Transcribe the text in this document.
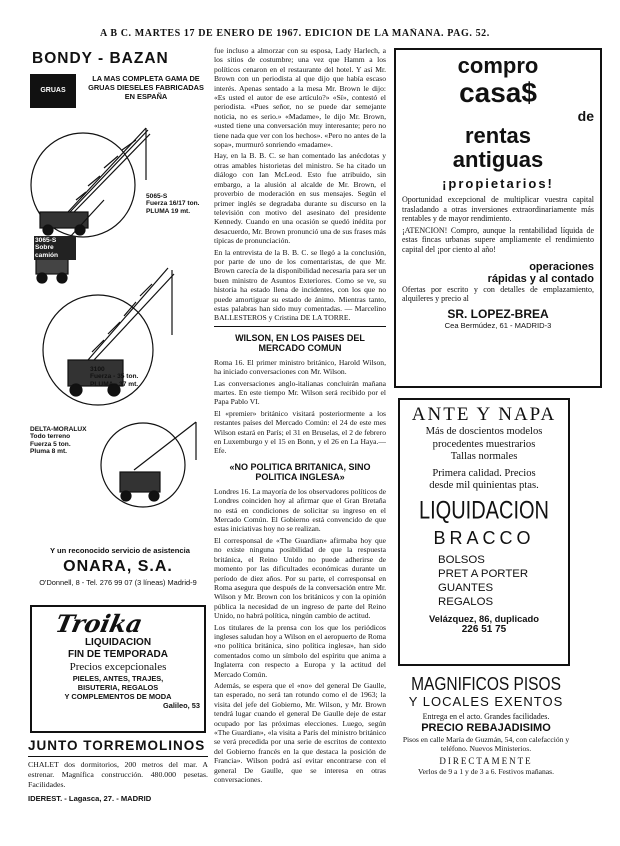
A B C. MARTES 17 DE ENERO DE 1967. EDICION DE LA MAÑANA. PAG. 52.
BONDY - BAZAN
GRUAS
LA MAS COMPLETA GAMA DE GRUAS DIESELES FABRICADAS EN ESPAÑA
5065-S
Fuerza 16/17 ton.
PLUMA 19 mt.
3065-S
Sobre
camión
3100
Fuerza - 35 ton.
PLUMA - 37 mt.
DELTA-MORALUX
Todo terreno
Fuerza 5 ton.
Pluma 8 mt.
Y un reconocido servicio de asistencia
ONARA, S.A.
O'Donnell, 8 - Tel. 276 99 07 (3 líneas) Madrid-9
Troika
LIQUIDACION
FIN DE TEMPORADA
Precios excepcionales
PIELES, ANTES, TRAJES,
BISUTERIA, REGALOS
Y COMPLEMENTOS DE MODA
Galileo, 53
JUNTO TORREMOLINOS

CHALET dos dormitorios, 200 metros del mar. A estrenar. Magnífica construcción. 480.000 pesetas. Facilidades.

IDEREST. - Lagasca, 27. - MADRID

fue incluso a almorzar con su esposa, Lady Harlech, a los sitios de costumbre; una vez que Hamm a los políticos cenaron en el restaurante del hotel. Y así Mr. Brown con un periodista al que dijo que había escaso interés. Apenas sentado a la mesa Mr. Brown le dijo: «Es usted el autor de ese artículo?» «Sí», contestó el periodista. «Pues señor, no se puede dar semejante noticia, no es serio.» «Madame», le dijo Mr. Brown, «usted tiene una conversación muy interesante; pero no tiene nada que ver con los hechos». «Pero no antes de la sopa», murmuró sonriendo «madame».

Hay, en la B. B. C. se han comentado las anécdotas y otras amables historietas del ministro. Se ha citado un diálogo con Ian McLeod. Esto fue atribuido, sin embargo, a la alusión al alcalde de Mr. Brown, el proverbio de moderación en sus mensajes. Según el primer inglés se degradaba durante su discurso en la televisión con motivo del asesinato del presidente Kennedy. Cuando en una ocasión se quedó inédita por desacuerdo, Mr. Brown pronunció una de sus frases más típicas de pronunciación.

En la entrevista de la B. B. C. se llegó a la conclusión, por parte de uno de los comentaristas, de que Mr. Brown carecía de la disponibilidad necesaria para ser un buen ministro de Asuntos Exteriores. Como se ve, su historia ha estado llena de incidentes, con los que no puede amortiguar su estado de ánimo. Mientras tanto, estas palabras han sido muy comentadas. — Marcelino BALLESTEROS y Cristina DE LA TORRE.

WILSON, EN LOS PAISES DEL MERCADO COMUN

Roma 16. El primer ministro británico, Harold Wilson, ha iniciado conversaciones con Mr. Wilson.

Las conversaciones anglo-italianas concluirán mañana martes. En este tiempo Mr. Wilson será recibido por el Papa Pablo VI.

El «premier» británico visitará posteriormente a los restantes países del Mercado Común: el 24 de este mes Wilson estará en París; el 31 en Bruselas, el 2 de febrero en Luxemburgo y el 15 en Bonn, y el 26 en La Haya.— Efe.

«NO POLITICA BRITANICA, SINO POLITICA INGLESA»

Londres 16. La mayoría de los observadores políticos de Londres coinciden hoy al afirmar que el Gran Bretaña no está en condiciones de solicitar su ingreso en el Mercado Común. El Gobierno está convencido de que estas iniciativas hoy no se realizan.

El corresponsal de «The Guardian» afirmaba hoy que no existe ninguna posibilidad de que la respuesta británica, el Reino Unido no puede adherirse de momento por las dificultades económicas durante un período de diez años. Por su parte, el corresponsal en Roma asegura que después de la conversación entre Mr. Wilson y Mr. Brown con los británicos y con la opinión pública la necesidad de un ingreso de parte del Reino Unido, no habrá política, ningún cambio de actitud.

Los titulares de la prensa con los que los periódicos ingleses saludan hoy a Wilson en el aeropuerto de Roma «no política británica, sino política inglesa», han sido comentados como un símbolo del espíritu que anima a Inglaterra con respecto a Europa y la actitud del Mercado Común.

Además, se espera que el «no» del general De Gaulle, tan esperado, no será tan rotundo como el de 1963; la visita del jefe del Gobierno, Mr. Wilson, y Mr. Brown tendrá lugar cuando el general De Gaulle deje de estar ocupado por las próximas elecciones. Luego, según «The Guardian», «la visita a París del ministro británico se verá precedida por una serie de escritos de contexto del Gobierno francés en la que destaca la posición de Francia». Wilson podrá así evitar encontrarse con el general De Gaulle, que se interesa en otras conversaciones.

compro
casa$
de
rentas
antiguas
¡propietarios!

Oportunidad excepcional de multiplicar vuestra capital trasladando a otras inversiones extraordinariamente más rentables y de mayor rendimiento.

¡ATENCION! Compro, aunque la rentabilidad líquida de estas fincas urbanas supere ampliamente el rendimiento capital del ¡por ciento al año!

operaciones
rápidas y al contado

Ofertas por escrito y con detalles de emplazamiento, alquileres y precio al

SR. LOPEZ-BREA
Cea Bermúdez, 61 - MADRID-3
ANTE Y NAPA
Más de doscientos modelos
procedentes muestrarios
Tallas normales
Primera calidad. Precios
desde mil quinientas ptas.
LIQUIDACION
BRACCO
BOLSOS
PRET A PORTER
GUANTES
REGALOS
Velázquez, 86, duplicado
226 51 75
MAGNIFICOS PISOS
Y LOCALES EXENTOS
Entrega en el acto. Grandes facilidades.
PRECIO REBAJADISIMO
Pisos en calle María de Guzmán, 54, con calefacción y teléfono. Nuevos Ministerios.
DIRECTAMENTE
Verlos de 9 a 1 y de 3 a 6. Festivos mañanas.
